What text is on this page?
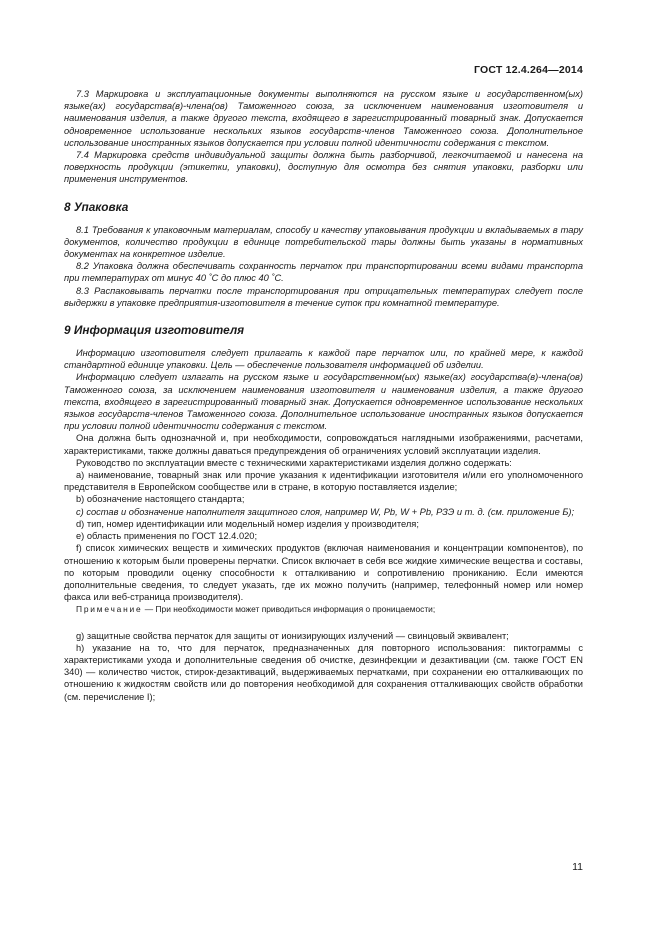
ГОСТ 12.4.264—2014

7.3 Маркировка и эксплуатационные документы выполняются на русском языке и государственном(ых) языке(ах) государства(в)-члена(ов) Таможенного союза, за исключением наименования изготовителя и наименования изделия, а также другого текста, входящего в зарегистрированный товарный знак. Допускается одновременное использование нескольких языков государств-членов Таможенного союза. Дополнительное использование иностранных языков допускается при условии полной идентичности содержания с текстом.

7.4 Маркировка средств индивидуальной защиты должна быть разборчивой, легкочитаемой и нанесена на поверхность продукции (этикетки, упаковки), доступную для осмотра без снятия упаковки, разборки или применения инструментов.

8 Упаковка

8.1 Требования к упаковочным материалам, способу и качеству упаковывания продукции и вкладываемых в тару документов, количество продукции в единице потребительской тары должны быть указаны в нормативных документах на конкретное изделие.

8.2 Упаковка должна обеспечивать сохранность перчаток при транспортировании всеми видами транспорта при температурах от минус 40 ˚С до плюс 40 ˚С.

8.3 Распаковывать перчатки после транспортирования при отрицательных температурах следует после выдержки в упаковке предприятия-изготовителя в течение суток при комнатной температуре.

9 Информация изготовителя

Информацию изготовителя следует прилагать к каждой паре перчаток или, по крайней мере, к каждой стандартной единице упаковки. Цель — обеспечение пользователя информацией об изделии.

Информацию следует излагать на русском языке и государственном(ых) языке(ах) государства(в)-члена(ов) Таможенного союза, за исключением наименования изготовителя и наименования изделия, а также другого текста, входящего в зарегистрированный товарный знак. Допускается одновременное использование нескольких языков государств-членов Таможенного союза. Дополнительное использование иностранных языков допускается при условии полной идентичности содержания с текстом.

Она должна быть однозначной и, при необходимости, сопровождаться наглядными изображениями, расчетами, характеристиками, также должны даваться предупреждения об ограничениях условий эксплуатации изделия.

Руководство по эксплуатации вместе с техническими характеристиками изделия должно содержать:

а) наименование, товарный знак или прочие указания к идентификации изготовителя и/или его уполномоченного представителя в Европейском сообществе или в стране, в которую поставляется изделие;

b) обозначение настоящего стандарта;

с) состав и обозначение наполнителя защитного слоя, например W, Pb, W + Pb, РЗЭ и т. д. (см. приложение Б);

d) тип, номер идентификации или модельный номер изделия у производителя;

е) область применения по ГОСТ 12.4.020;

f) список химических веществ и химических продуктов (включая наименования и концентрации компонентов), по отношению к которым были проверены перчатки. Список включает в себя все жидкие химические вещества и составы, по которым проводили оценку способности к отталкиванию и сопротивлению прониканию. Если имеются дополнительные сведения, то следует указать, где их можно получить (например, телефонный номер или номер факса или веб-страница производителя).

Примечание — При необходимости может приводиться информация о проницаемости;

g) защитные свойства перчаток для защиты от ионизирующих излучений — свинцовый эквивалент;

h) указание на то, что для перчаток, предназначенных для повторного использования: пиктограммы с характеристиками ухода и дополнительные сведения об очистке, дезинфекции и дезактивации (см. также ГОСТ EN 340) — количество чисток, стирок-дезактиваций, выдерживаемых перчатками, при сохранении ею отталкивающих по отношению к жидкостям свойств или до повторения необходимой для сохранения отталкивающих свойств обработки (см. перечисление I);

11
